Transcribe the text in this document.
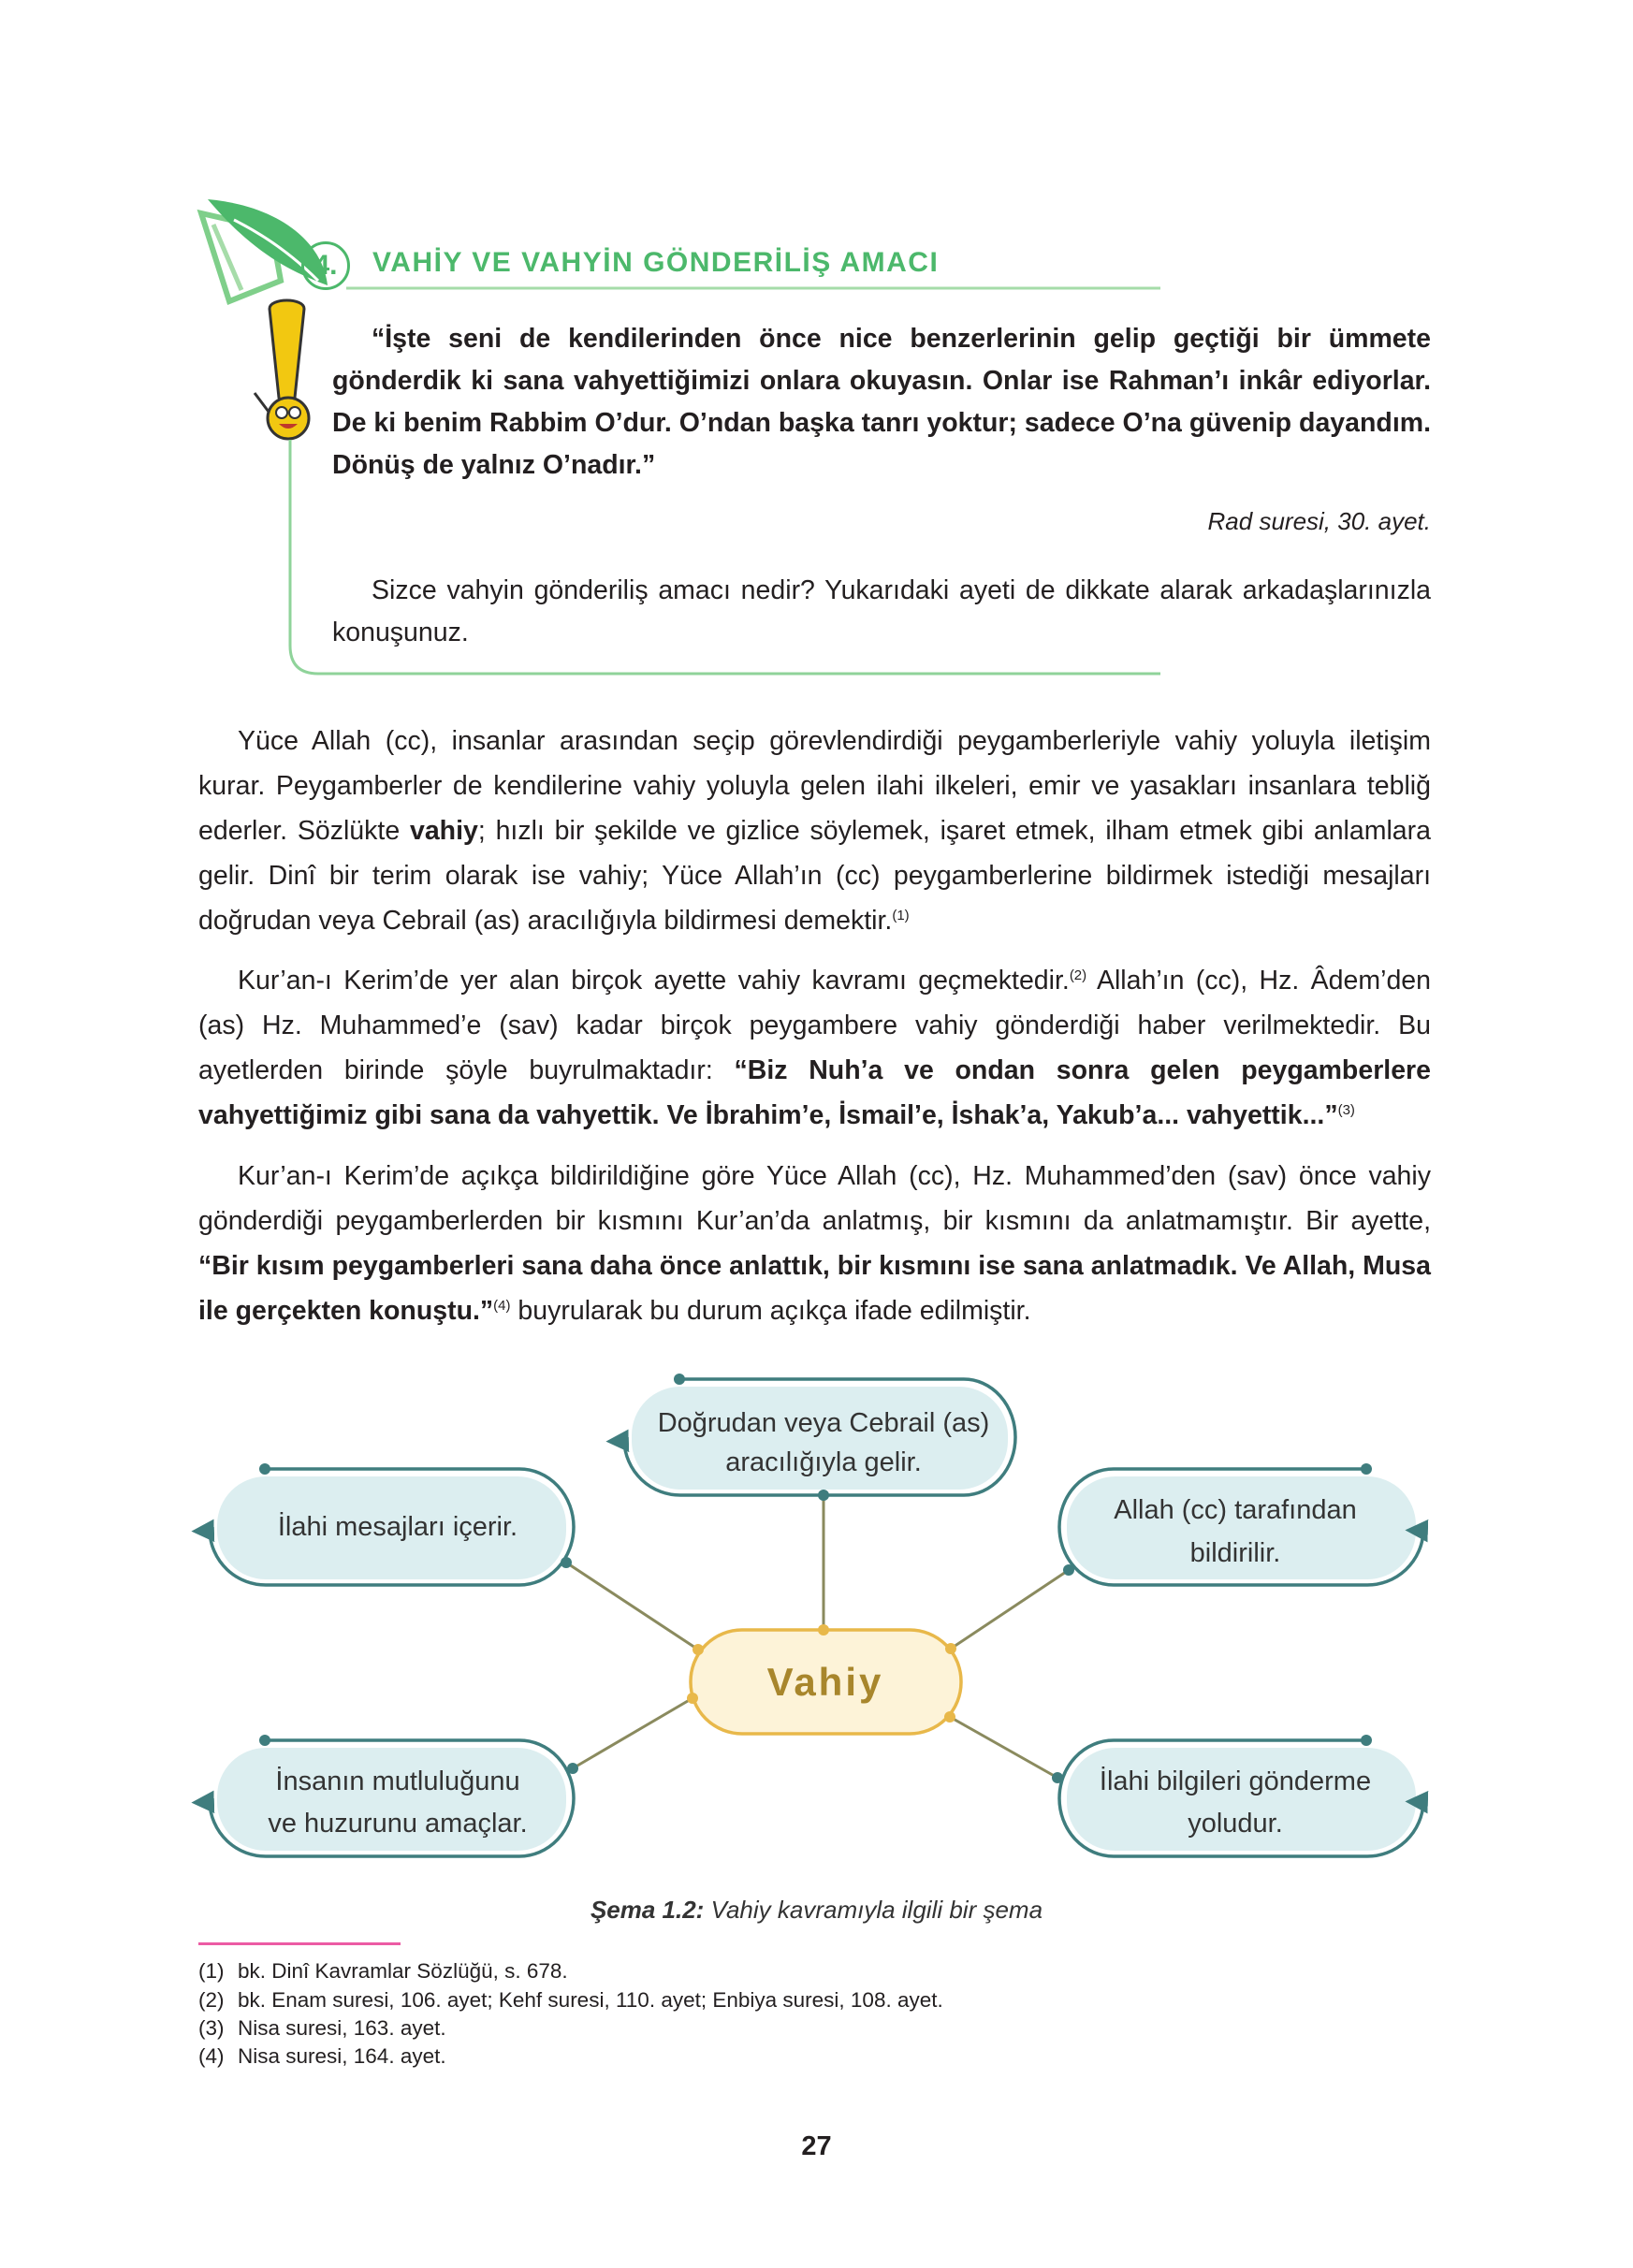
4.	VAHİY VE VAHYİN GÖNDERİLİŞ AMACI
“İşte seni de kendilerinden önce nice benzerlerinin gelip geçtiği bir ümmete gönderdik ki sana vahyettiğimizi onlara okuyasın. Onlar ise Rahman’ı inkâr ediyorlar. De ki benim Rabbim O’dur. O’ndan başka tanrı yoktur; sadece O’na güvenip dayandım. Dönüş de yalnız O’nadır.”
Rad suresi, 30. ayet.
Sizce vahyin gönderiliş amacı nedir? Yukarıdaki ayeti de dikkate alarak arkadaşlarınızla konuşunuz.
Yüce Allah (cc), insanlar arasından seçip görevlendirdiği peygamberleriyle vahiy yoluyla iletişim kurar. Peygamberler de kendilerine vahiy yoluyla gelen ilahi ilkeleri, emir ve yasakları insanlara tebliğ ederler. Sözlükte vahiy; hızlı bir şekilde ve gizlice söylemek, işaret etmek, ilham etmek gibi anlamlara gelir. Dinî bir terim olarak ise vahiy; Yüce Allah’ın (cc) peygamberlerine bildirmek istediği mesajları doğrudan veya Cebrail (as) aracılığıyla bildirmesi demektir.$^{(1)}$
Kur’an-ı Kerim’de yer alan birçok ayette vahiy kavramı geçmektedir.$^{(2)}$ Allah’ın (cc), Hz. Âdem’den (as) Hz. Muhammed’e (sav) kadar birçok peygambere vahiy gönderdiği haber verilmektedir. Bu ayetlerden birinde şöyle buyrulmaktadır: “Biz Nuh’a ve ondan sonra gelen peygamberlere vahyettiğimiz gibi sana da vahyettik. Ve İbrahim’e, İsmail’e, İshak’a, Yakub’a... vahyettik...”$^{(3)}$
Kur’an-ı Kerim’de açıkça bildirildiğine göre Yüce Allah (cc), Hz. Muhammed’den (sav) önce vahiy gönderdiği peygamberlerden bir kısmını Kur’an’da anlatmış, bir kısmını da anlatmamıştır. Bir ayette, “Bir kısım peygamberleri sana daha önce anlattık, bir kısmını ise sana anlatmadık. Ve Allah, Musa ile gerçekten konuştu.”$^{(4)}$ buyrularak bu durum açıkça ifade edilmiştir.
Doğrudan veya Cebrail (as)
aracılığıyla gelir.
İlahi mesajları içerir.
Allah (cc) tarafından
bildirilir.
İnsanın mutluluğunu
ve huzurunu amaçlar.
İlahi bilgileri gönderme
yoludur.
Vahiy
Şema 1.2: Vahiy kavramıyla ilgili bir şema
(1) bk. Dinî Kavramlar Sözlüğü, s. 678.
(2) bk. Enam suresi, 106. ayet; Kehf suresi, 110. ayet; Enbiya suresi, 108. ayet.
(3) Nisa suresi, 163. ayet.
(4) Nisa suresi, 164. ayet.
27
